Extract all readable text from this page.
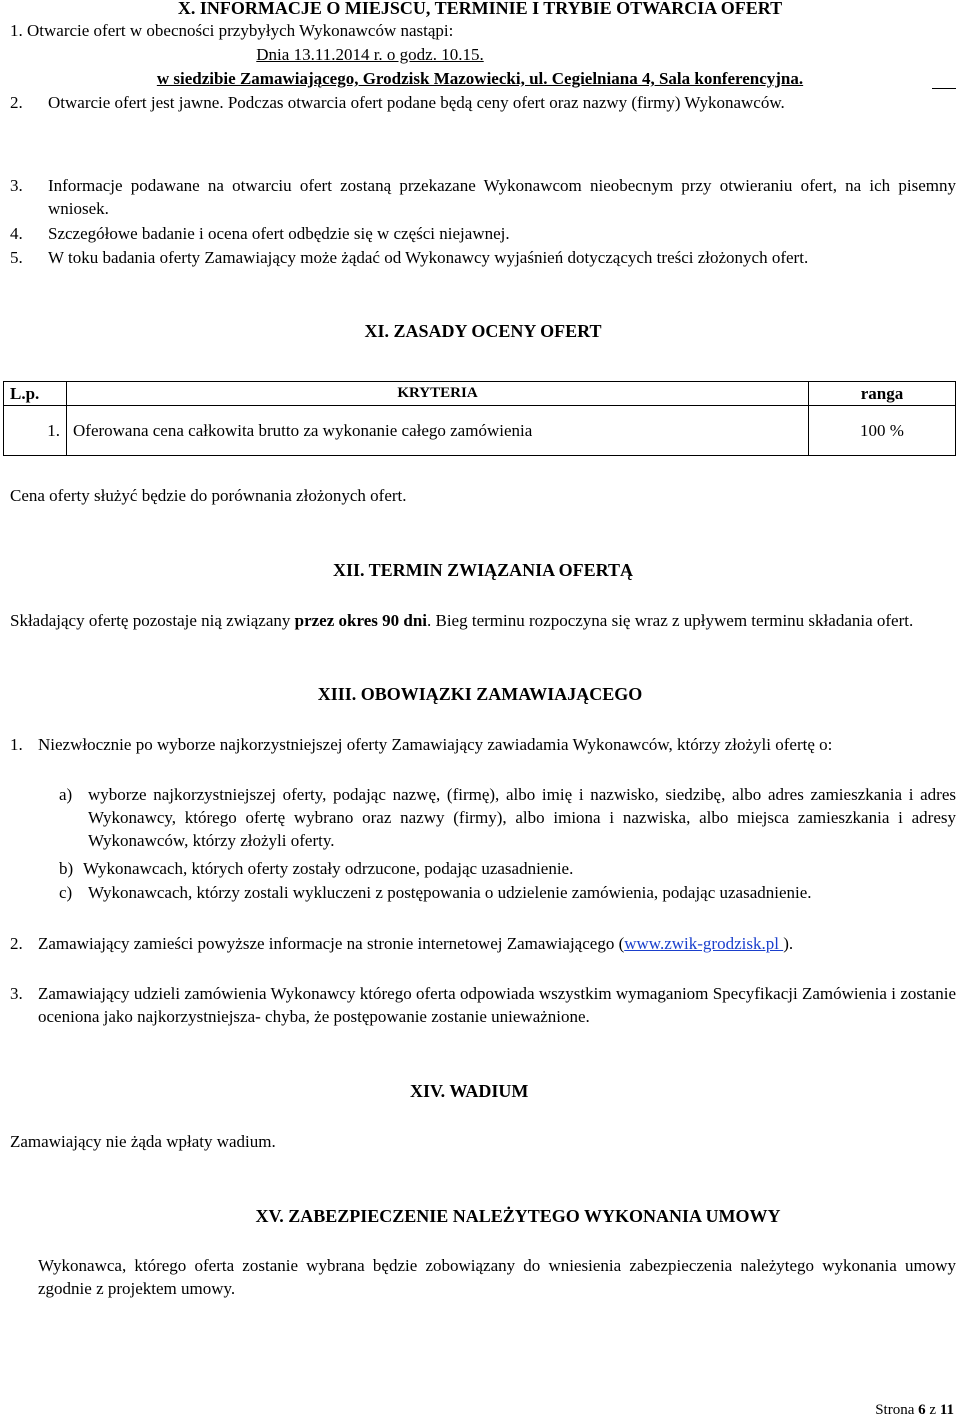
X. INFORMACJE O MIEJSCU, TERMINIE I TRYBIE OTWARCIA OFERT
1. Otwarcie ofert w obecności przybyłych Wykonawców nastąpi:
Dnia 13.11.2014 r. o godz. 10.15.
w siedzibie Zamawiającego, Grodzisk Mazowiecki, ul. Cegielniana 4, Sala konferencyjna.
2. Otwarcie ofert jest jawne. Podczas otwarcia ofert podane będą ceny ofert oraz nazwy (firmy) Wykonawców.
3. Informacje podawane na otwarciu ofert zostaną przekazane Wykonawcom nieobecnym przy otwieraniu ofert, na ich pisemny wniosek.
4. Szczegółowe badanie i ocena ofert odbędzie się w części niejawnej.
5. W toku badania oferty Zamawiający może żądać od Wykonawcy wyjaśnień dotyczących treści złożonych ofert.
XI. ZASADY OCENY OFERT
L.p.	KRYTERIA	ranga
1.	Oferowana cena całkowita brutto za wykonanie całego zamówienia	100 %
Cena oferty służyć będzie do porównania złożonych ofert.
XII. TERMIN ZWIĄZANIA OFERTĄ
Składający ofertę pozostaje nią związany przez okres 90 dni. Bieg terminu rozpoczyna się wraz z upływem terminu składania ofert.
XIII. OBOWIĄZKI ZAMAWIAJĄCEGO
1. Niezwłocznie po wyborze najkorzystniejszej oferty Zamawiający zawiadamia Wykonawców, którzy złożyli ofertę o:
a) wyborze najkorzystniejszej oferty, podając nazwę, (firmę), albo imię i nazwisko, siedzibę, albo adres zamieszkania i adres Wykonawcy, którego ofertę wybrano oraz nazwy (firmy), albo imiona i nazwiska, albo miejsca zamieszkania i adresy Wykonawców, którzy złożyli oferty.
b) Wykonawcach, których oferty zostały odrzucone, podając uzasadnienie.
c) Wykonawcach, którzy zostali wykluczeni z postępowania o udzielenie zamówienia, podając uzasadnienie.
2. Zamawiający zamieści powyższe informacje na stronie internetowej Zamawiającego (www.zwik-grodzisk.pl ).
3. Zamawiający udzieli zamówienia Wykonawcy którego oferta odpowiada wszystkim wymaganiom Specyfikacji Zamówienia i zostanie oceniona jako najkorzystniejsza- chyba, że postępowanie zostanie unieważnione.
XIV. WADIUM
Zamawiający nie żąda wpłaty wadium.
XV. ZABEZPIECZENIE NALEŻYTEGO WYKONANIA UMOWY
Wykonawca, którego oferta zostanie wybrana będzie zobowiązany do wniesienia zabezpieczenia należytego wykonania umowy zgodnie z projektem umowy.
Strona 6 z 11
